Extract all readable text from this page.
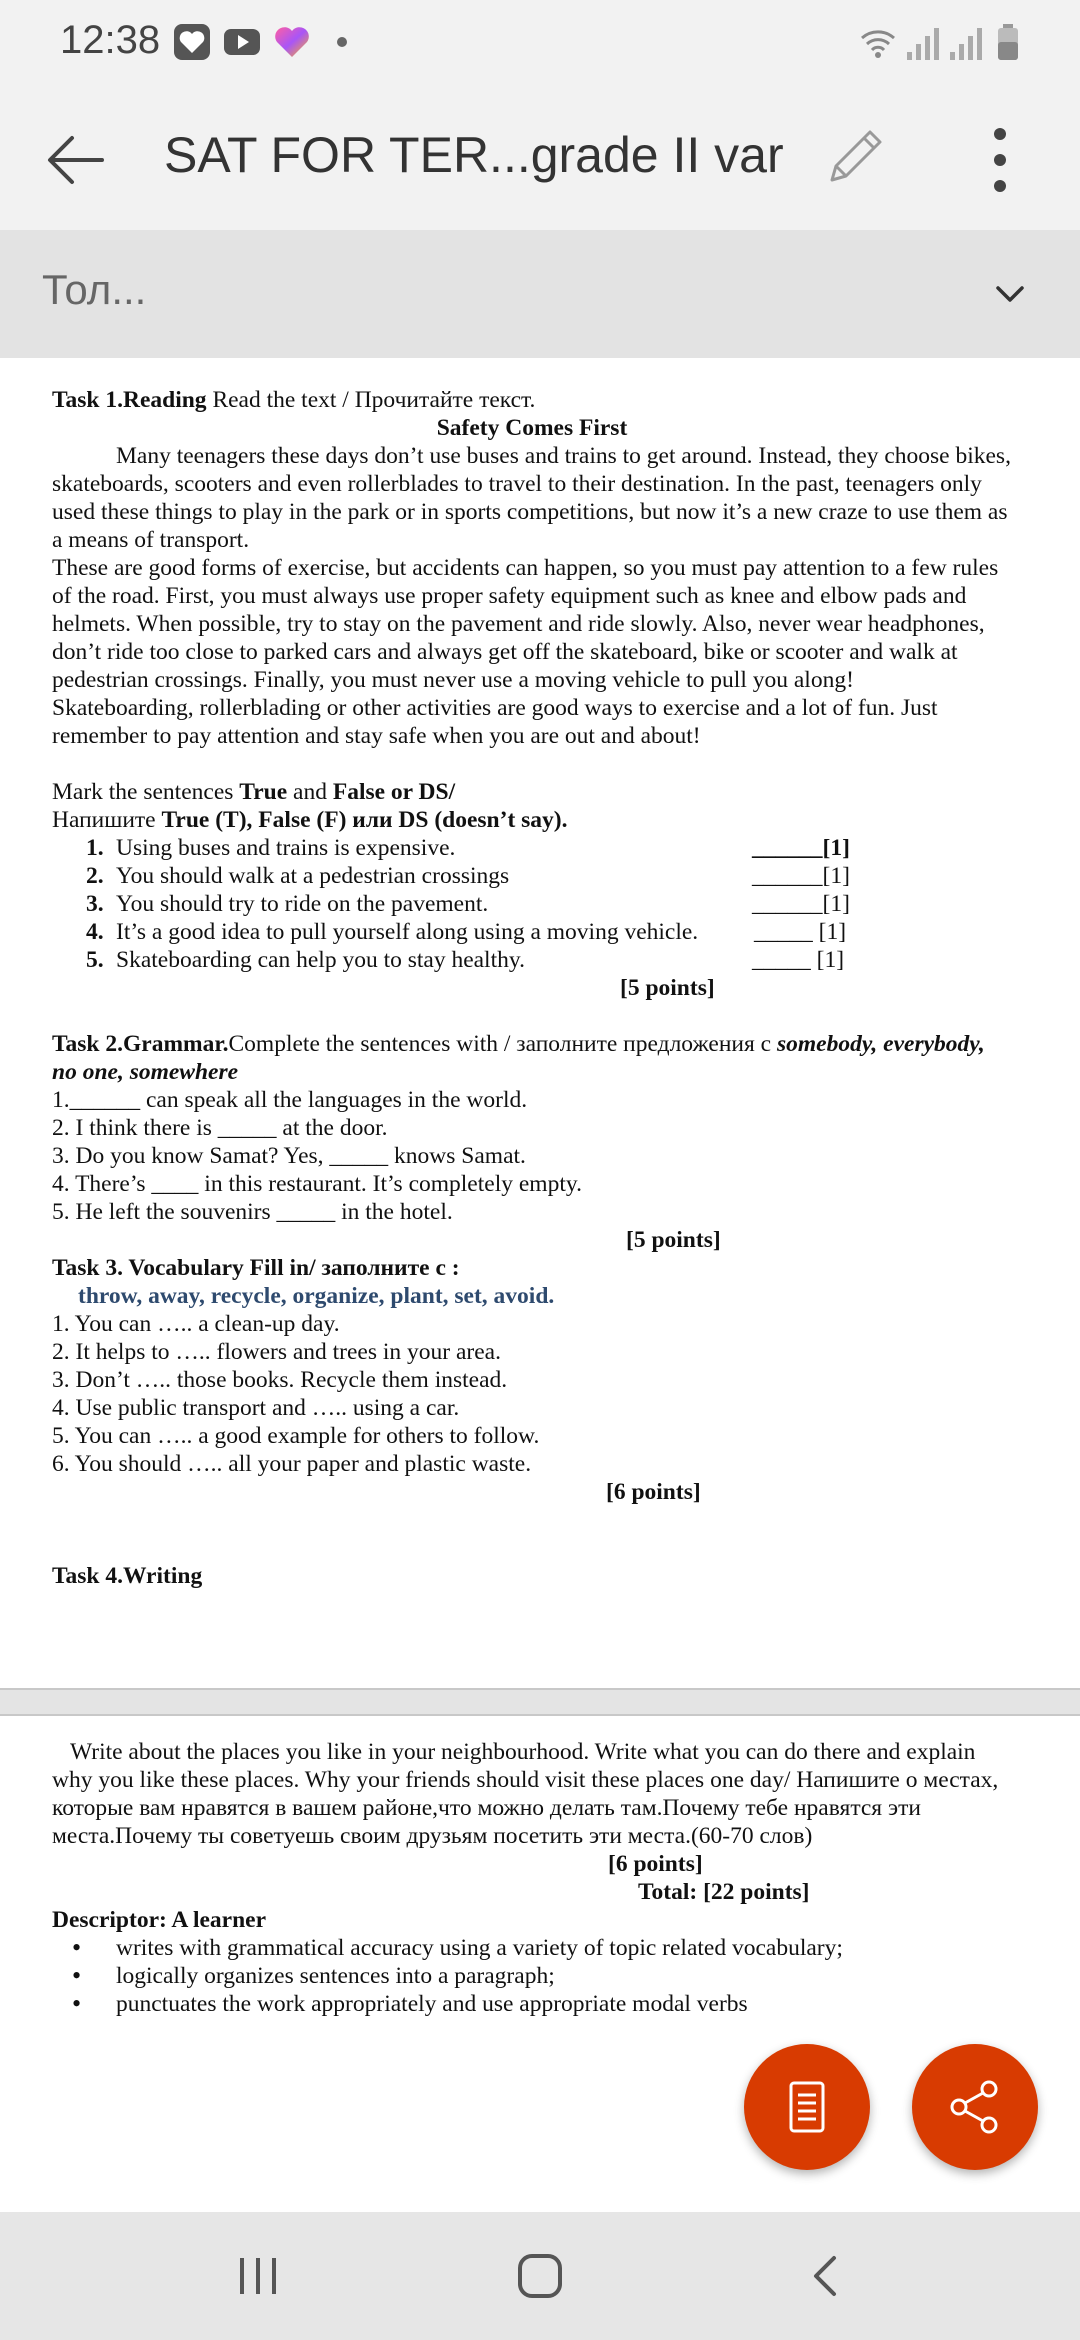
12:38
SAT FOR TER...grade II var
Тол...

Task 1.Reading Read the text / Прочитайте текст.

Safety Comes First

Many teenagers these days don’t use buses and trains to get around. Instead, they choose bikes, skateboards, scooters and even rollerblades to travel to their destination. In the past, teenagers only used these things to play in the park or in sports competitions, but now it’s a new craze to use them as a means of transport.

These are good forms of exercise, but accidents can happen, so you must pay attention to a few rules of the road. First, you must always use proper safety equipment such as knee and elbow pads and helmets. When possible, try to stay on the pavement and ride slowly. Also, never wear headphones, don’t ride too close to parked cars and always get off the skateboard, bike or scooter and walk at pedestrian crossings. Finally, you must never use a moving vehicle to pull you along!

Skateboarding, rollerblading or other activities are good ways to exercise and a lot of fun. Just remember to pay attention and stay safe when you are out and about!

Mark the sentences True and False or DS/

Напишите True (T), False (F) или DS (doesn’t say).

1. Using buses and trains is expensive.	______[1]
2. You should walk at a pedestrian crossings	______[1]
3. You should try to ride on the pavement.	______[1]
4. It’s a good idea to pull yourself along using a moving vehicle. _____ [1]
5. Skateboarding can help you to stay healthy.	_____ [1]

[5 points]

Task 2.Grammar.Complete the sentences with / заполните предложения с somebody, everybody, no one, somewhere

1.______ can speak all the languages in the world.

2. I think there is _____ at the door.

3. Do you know Samat? Yes, _____ knows Samat.

4. There’s ____ in this restaurant. It’s completely empty.

5. He left the souvenirs _____ in the hotel.

[5 points]

Task 3. Vocabulary Fill in/ заполните с :

throw, away, recycle, organize, plant, set, avoid.

1. You can ….. a clean-up day.

2. It helps to ….. flowers and trees in your area.

3. Don’t ….. those books. Recycle them instead.

4. Use public transport and ….. using a car.

5. You can ….. a good example for others to follow.

6. You should ….. all your paper and plastic waste.

[6 points]

Task 4.Writing

Write about the places you like in your neighbourhood. Write what you can do there and explain why you like these places. Why your friends should visit these places one day/ Напишите о местах, которые вам нравятся в вашем районе,что можно делать там.Почему тебе нравятся эти места.Почему ты советуешь своим друзьям посетить эти места.(60-70 слов)

[6 points]

Total: [22 points]

Descriptor: A learner

• writes with grammatical accuracy using a variety of topic related vocabulary;
• logically organizes sentences into a paragraph;
• punctuates the work appropriately and use appropriate modal verbs
